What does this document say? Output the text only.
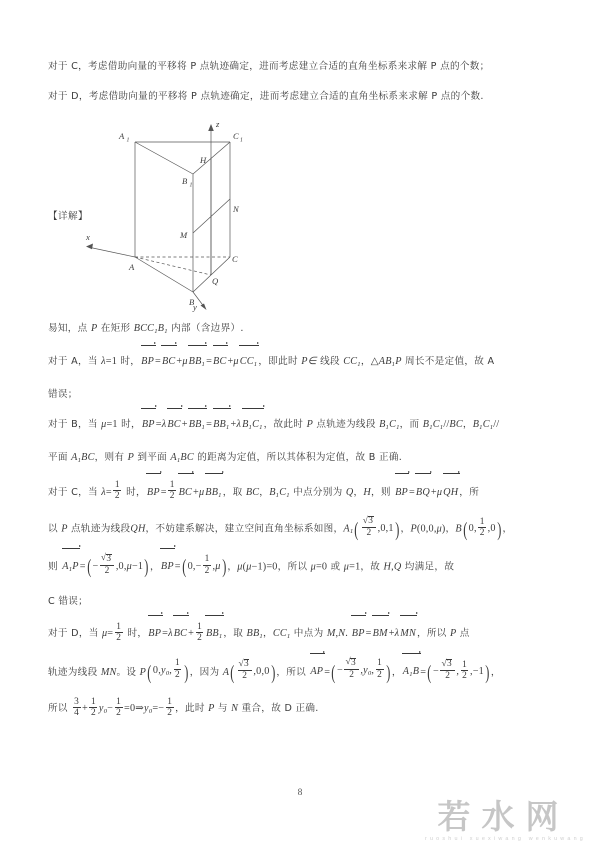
对于 C，考虑借助向量的平移将 P 点轨迹确定，进而考虑建立合适的直角坐标系来求解 P 点的个数；
对于 D，考虑借助向量的平移将 P 点轨迹确定，进而考虑建立合适的直角坐标系来求解 P 点的个数.
易知，点 P 在矩形 $BCC_1B_1$ 内部（含边界）.
对于 A，当 λ=1 时，BP=BC+μBB$_1$=BC+μCC$_1$，即此时 P∈ 线段 $CC_1$，$\triangle AB_1P$ 周长不是定值，故 A
错误；
对于 B，当 μ=1 时，$BP=\lambda BC+BB_1=BB_1+\lambda B_1C_1$，故此时 P 点轨迹为线段 $B_1C_1$，而 $B_1C_1//BC$，$B_1C_1//$
平面 $A_1BC$，则有 P 到平面 $A_1BC$ 的距离为定值，所以其体积为定值，故 B 正确.
对于 C，当 $\lambda= \frac{1}{2}$ 时，$BP= \frac{1}{2} BC+\mu BB_1$，取 BC，$B_1C_1$ 中点分别为 Q，H，则 BP=BQ+μQH，所
以 P 点轨迹为线段QH，不妨建系解决，建立空间直角坐标系如图，$A_1$( √ $\frac{3}{2} ,0,1$)，P(0,0,μ)，B(0, $\frac{1}{2} ,0$)，
则 $A_1P=(-$ √ $\frac{3}{2} ,0,\mu-1$)，$BP=(0,- \frac{1}{2} ,\mu)$，μ(μ−1)=0，所以 μ=0 或 μ=1，故 H,Q 均满足，故
C 错误；
对于 D，当 $\mu= \frac{1}{2}$ 时，$BP=\lambda BC+ \frac{1}{2} BB_1$，取 $BB_1$，$CC_1$ 中点为 M,N. BP=BM+λMN，所以 P 点
轨迹为线段 MN。设 $P(0,y_0$, $\frac{1}{2}$ )，因为 A( √ $\frac{3}{2} ,0,0$)，所以 AP=(− √ $\frac{3}{2} ,y_0$, $\frac{1}{2}$ )，$A_1B=(-$ √ $\frac{3}{2}$ , $\frac{1}{2} ,-1$)，
所以 $\frac{3}{4} + \frac{1}{2} y_0- \frac{1}{2}$ $=0\Rightarrow y_0=- \frac{1}{2}$ ，此时 P 与 N 重合，故 D 正确.
【详解】
A 1	C 1
B 1
H
N
M
C
A
Q
B
z
x
y
8
若水网
ruoshui xuexiwang wenkuwang
